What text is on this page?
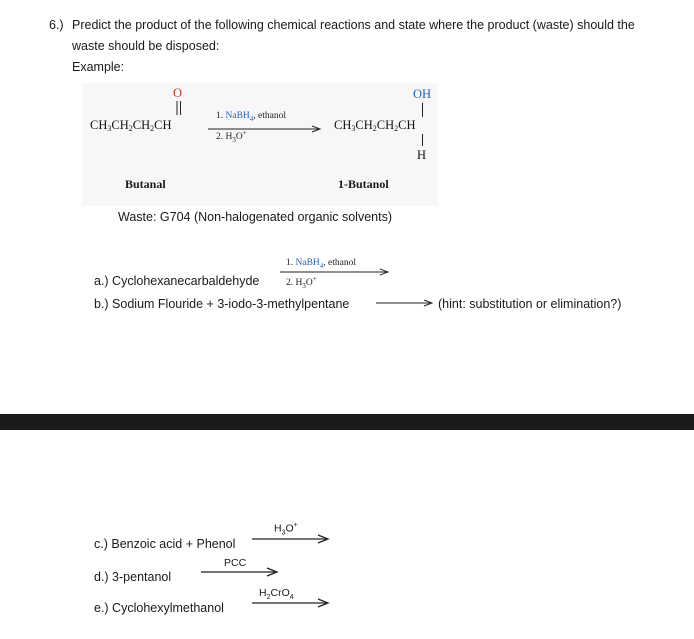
6.) Predict the product of the following chemical reactions and state where the product (waste) should the
waste should be disposed:
Example:
O
$CH_3CH_2CH_2CH$
1. NaBH$_4$, ethanol
2. $H_3O^+$
OH
$CH_3CH_2CH_2CH$
H
Butanal	1-Butanol
Waste: G704 (Non-halogenated organic solvents)
1. NaBH$_4$, ethanol
2. $H_3O^+$
a.) Cyclohexanecarbaldehyde
b.) Sodium Flouride + 3-iodo-3-methylpentane	(hint: substitution or elimination?)
$H_3O^+$
c.) Benzoic acid + Phenol
PCC
d.) 3-pentanol
$H_2CrO_4$
e.) Cyclohexylmethanol
